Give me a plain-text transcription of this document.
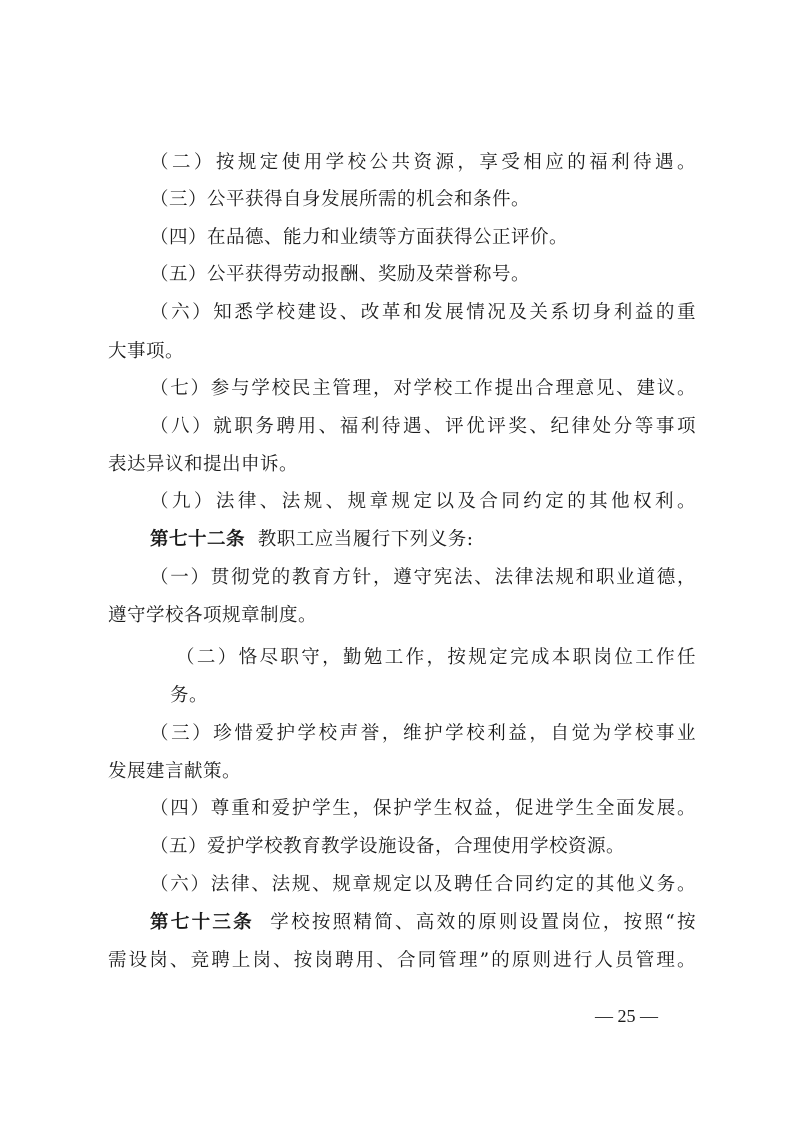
（二）按规定使用学校公共资源，享受相应的福利待遇。
（三）公平获得自身发展所需的机会和条件。
（四）在品德、能力和业绩等方面获得公正评价。
（五）公平获得劳动报酬、奖励及荣誉称号。
（六）知悉学校建设、改革和发展情况及关系切身利益的重
大事项。
（七）参与学校民主管理，对学校工作提出合理意见、建议。
（八）就职务聘用、福利待遇、评优评奖、纪律处分等事项
表达异议和提出申诉。
（九）法律、法规、规章规定以及合同约定的其他权利。
第七十二条 教职工应当履行下列义务:
（一）贯彻党的教育方针，遵守宪法、法律法规和职业道德，
遵守学校各项规章制度。
（二）恪尽职守，勤勉工作，按规定完成本职岗位工作任
务。
（三）珍惜爱护学校声誉，维护学校利益，自觉为学校事业
发展建言献策。
（四）尊重和爱护学生，保护学生权益，促进学生全面发展。
（五）爱护学校教育教学设施设备，合理使用学校资源。
（六）法律、法规、规章规定以及聘任合同约定的其他义务。
第七十三条 学校按照精简、高效的原则设置岗位，按照“按
需设岗、竞聘上岗、按岗聘用、合同管理”的原则进行人员管理。
— 25 —
